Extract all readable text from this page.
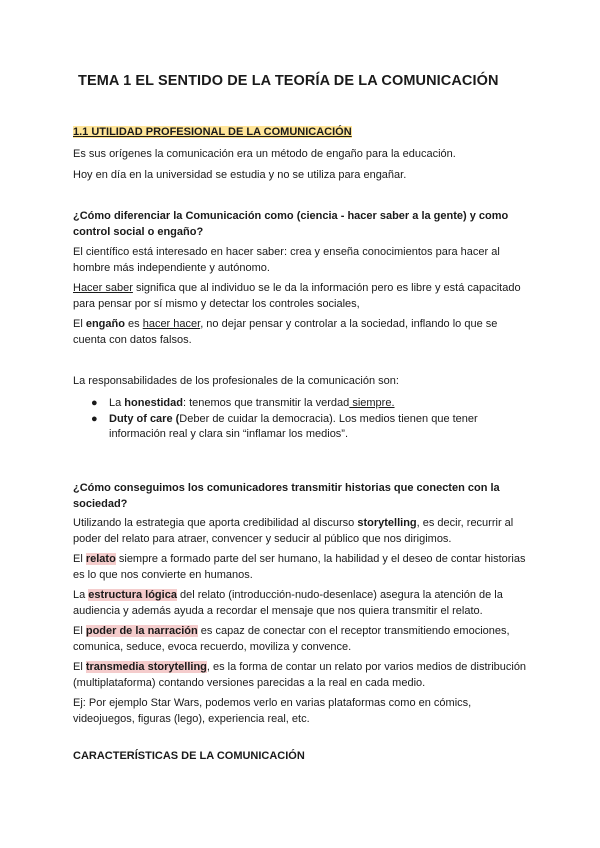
TEMA 1 EL SENTIDO DE LA TEORÍA DE LA COMUNICACIÓN

1.1 UTILIDAD PROFESIONAL DE LA COMUNICACIÓN

Es sus orígenes la comunicación era un método de engaño para la educación.

Hoy en día en la universidad se estudia y no se utiliza para engañar.

¿Cómo diferenciar la Comunicación como (ciencia - hacer saber a la gente) y como control social o engaño?

El científico está interesado en hacer saber: crea y enseña conocimientos para hacer al hombre más independiente y autónomo.

Hacer saber significa que al individuo se le da la información pero es libre y está capacitado para pensar por sí mismo y detectar los controles sociales,

El engaño es hacer hacer, no dejar pensar y controlar a la sociedad, inflando lo que se cuenta con datos falsos.

La responsabilidades de los profesionales de la comunicación son:

● La honestidad: tenemos que transmitir la verdad siempre.
● Duty of care (Deber de cuidar la democracia). Los medios tienen que tener información real y clara sin “inflamar los medios”.

¿Cómo conseguimos los comunicadores transmitir historias que conecten con la sociedad?

Utilizando la estrategia que aporta credibilidad al discurso storytelling, es decir, recurrir al poder del relato para atraer, convencer y seducir al público que nos dirigimos.

El relato siempre a formado parte del ser humano, la habilidad y el deseo de contar historias es lo que nos convierte en humanos.

La estructura lógica del relato (introducción-nudo-desenlace) asegura la atención de la audiencia y además ayuda a recordar el mensaje que nos quiera transmitir el relato.

El poder de la narración es capaz de conectar con el receptor transmitiendo emociones, comunica, seduce, evoca recuerdo, moviliza y convence.

El transmedia storytelling, es la forma de contar un relato por varios medios de distribución (multiplataforma) contando versiones parecidas a la real en cada medio.

Ej: Por ejemplo Star Wars, podemos verlo en varias plataformas como en cómics, videojuegos, figuras (lego), experiencia real, etc.

CARACTERÍSTICAS DE LA COMUNICACIÓN
